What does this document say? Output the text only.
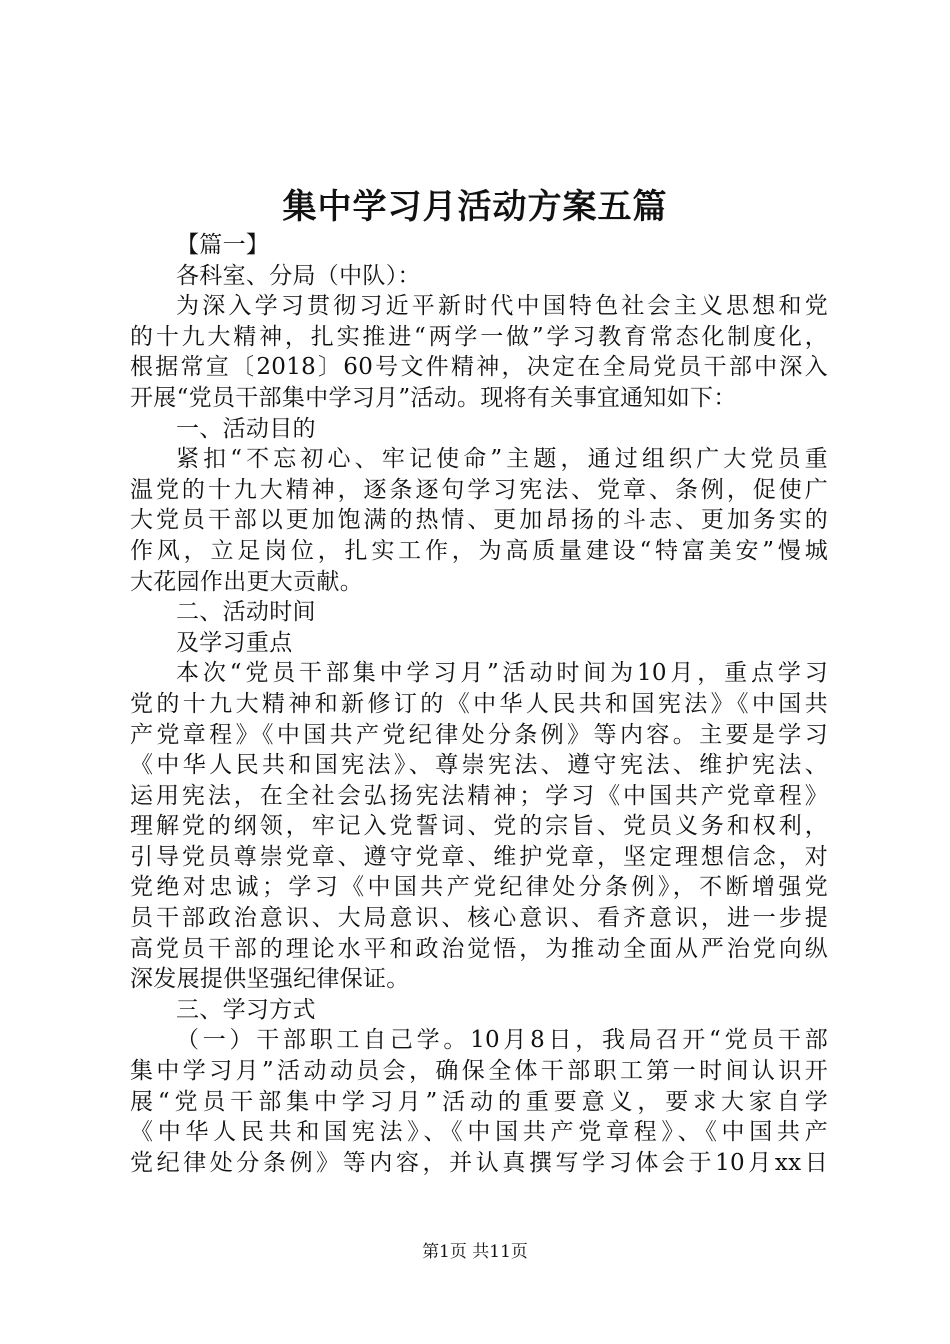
集中学习月活动方案五篇
【篇一】
各科室、分局（中队）：
为深入学习贯彻习近平新时代中国特色社会主义思想和党
的十九大精神，扎实推进“两学一做”学习教育常态化制度化，
根据常宣〔2018〕60号文件精神，决定在全局党员干部中深入
开展“党员干部集中学习月”活动。现将有关事宜通知如下：
一、活动目的
紧扣“不忘初心、牢记使命”主题，通过组织广大党员重
温党的十九大精神，逐条逐句学习宪法、党章、条例，促使广
大党员干部以更加饱满的热情、更加昂扬的斗志、更加务实的
作风，立足岗位，扎实工作，为高质量建设“特富美安”慢城
大花园作出更大贡献。
二、活动时间
及学习重点
本次“党员干部集中学习月”活动时间为10月，重点学习
党的十九大精神和新修订的《中华人民共和国宪法》《中国共
产党章程》《中国共产党纪律处分条例》等内容。主要是学习
《中华人民共和国宪法》、尊崇宪法、遵守宪法、维护宪法、
运用宪法，在全社会弘扬宪法精神；学习《中国共产党章程》
理解党的纲领，牢记入党誓词、党的宗旨、党员义务和权利，
引导党员尊崇党章、遵守党章、维护党章，坚定理想信念，对
党绝对忠诚；学习《中国共产党纪律处分条例》，不断增强党
员干部政治意识、大局意识、核心意识、看齐意识，进一步提
高党员干部的理论水平和政治觉悟，为推动全面从严治党向纵
深发展提供坚强纪律保证。
三、学习方式
（一）干部职工自己学。10月8日，我局召开“党员干部
集中学习月”活动动员会，确保全体干部职工第一时间认识开
展“党员干部集中学习月”活动的重要意义，要求大家自学
《中华人民共和国宪法》、《中国共产党章程》、《中国共产
党纪律处分条例》等内容，并认真撰写学习体会于10月xx日
第1页 共11页
